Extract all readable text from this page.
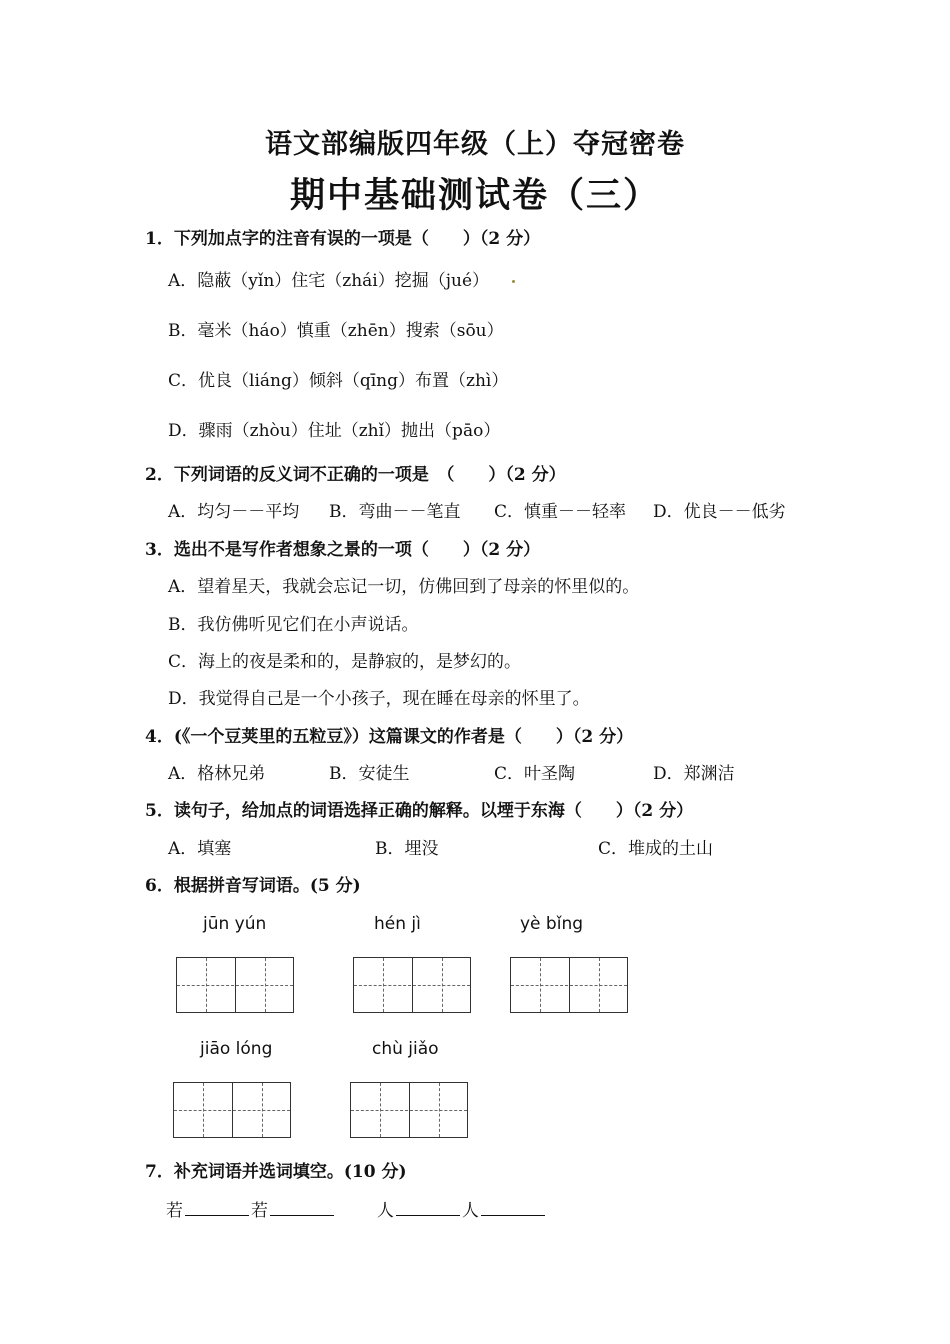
语文部编版四年级（上）夺冠密卷
期中基础测试卷（三）
1．下列加点字的注音有误的一项是（　　）（2 分）
A．隐蔽（yǐn）住宅（zhái）挖掘（jué）
B．毫米（háo）慎重（zhēn）搜索（sōu）
C．优良（liáng）倾斜（qīng）布置（zhì）
D．骤雨（zhòu）住址（zhǐ）抛出（pāo）
2．下列词语的反义词不正确的一项是　（　　）（2 分）
A．均匀－－平均 B．弯曲－－笔直 C．慎重－－轻率 D．优良－－低劣
3．选出不是写作者想象之景的一项（　　）（2 分）
A．望着星天，我就会忘记一切，仿佛回到了母亲的怀里似的。
B．我仿佛听见它们在小声说话。
C．海上的夜是柔和的，是静寂的，是梦幻的。
D．我觉得自己是一个小孩子，现在睡在母亲的怀里了。
4．(《一个豆荚里的五粒豆》）这篇课文的作者是（　　）（2 分）
A．格林兄弟	B．安徒生	C．叶圣陶	D．郑渊洁
5．读句子，给加点的词语选择正确的解释。以堙于东海（　　）（2 分）
A．填塞	B．埋没	C．堆成的土山
6．根据拼音写词语。(5 分)
jūn yún	hén jì	yè bǐng
jiāo lóng	chù jiǎo
7．补充词语并选词填空。(10 分)
若	若	人	人
